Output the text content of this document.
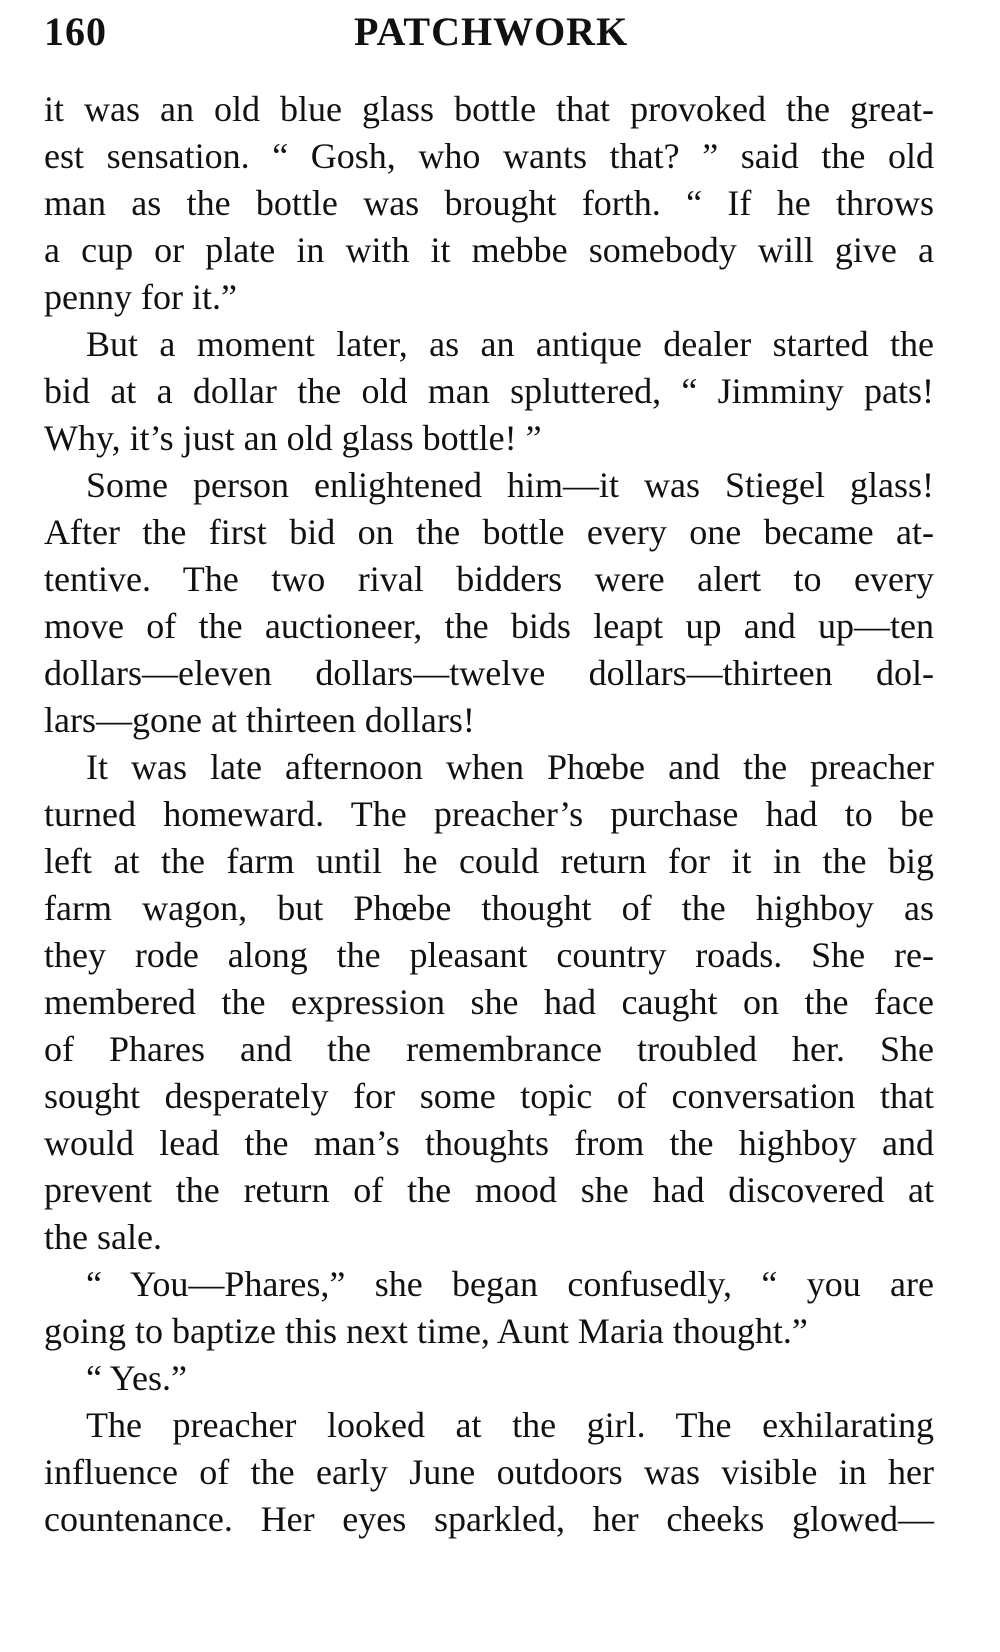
160	PATCHWORK
it was an old blue glass bottle that provoked the great-
est sensation. “ Gosh, who wants that? ” said the old
man as the bottle was brought forth. “ If he throws
a cup or plate in with it mebbe somebody will give a
penny for it.”
But a moment later, as an antique dealer started the
bid at a dollar the old man spluttered, “ Jimminy pats!
Why, it’s just an old glass bottle! ”
Some person enlightened him—it was Stiegel glass!
After the first bid on the bottle every one became at-
tentive. The two rival bidders were alert to every
move of the auctioneer, the bids leapt up and up—ten
dollars—eleven dollars—twelve dollars—thirteen dol-
lars—gone at thirteen dollars!
It was late afternoon when Phœbe and the preacher
turned homeward. The preacher’s purchase had to be
left at the farm until he could return for it in the big
farm wagon, but Phœbe thought of the highboy as
they rode along the pleasant country roads. She re-
membered the expression she had caught on the face
of Phares and the remembrance troubled her. She
sought desperately for some topic of conversation that
would lead the man’s thoughts from the highboy and
prevent the return of the mood she had discovered at
the sale.
“ You—Phares,” she began confusedly, “ you are
going to baptize this next time, Aunt Maria thought.”
“ Yes.”
The preacher looked at the girl. The exhilarating
influence of the early June outdoors was visible in her
countenance. Her eyes sparkled, her cheeks glowed—
